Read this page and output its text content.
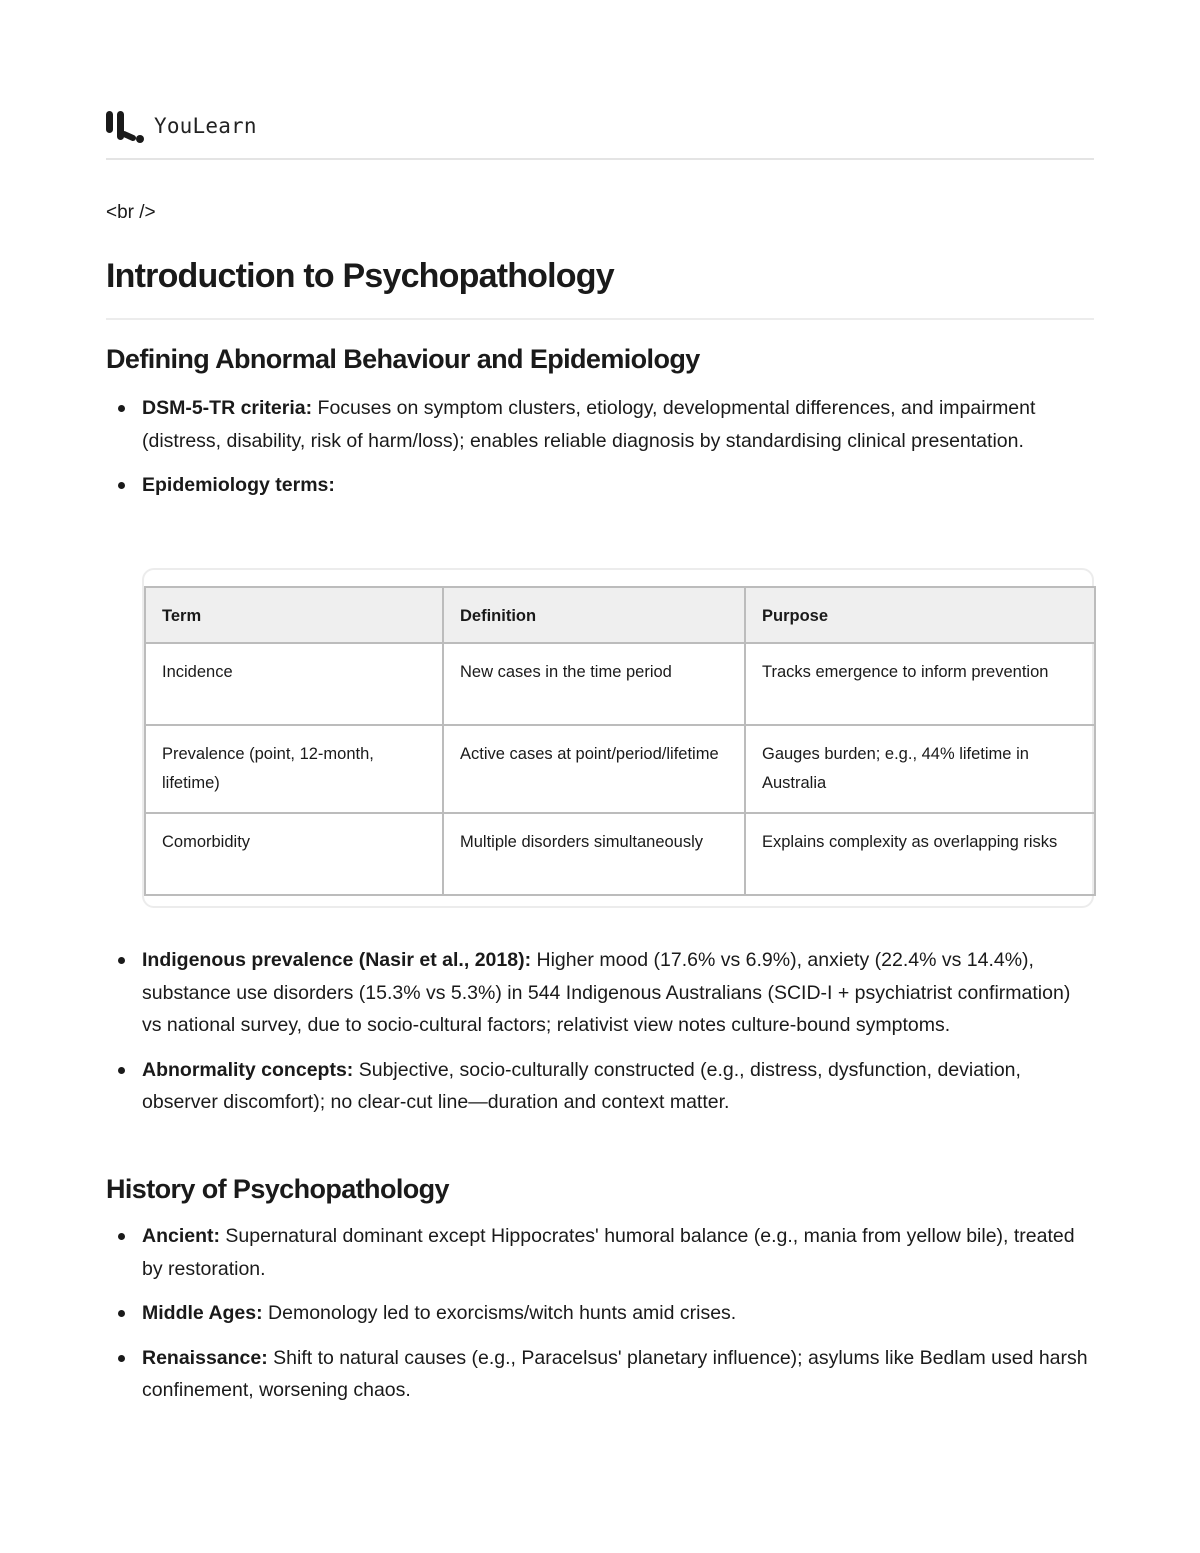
YouLearn
<br />
Introduction to Psychopathology
Defining Abnormal Behaviour and Epidemiology
DSM-5-TR criteria: Focuses on symptom clusters, etiology, developmental differences, and impairment (distress, disability, risk of harm/loss); enables reliable diagnosis by standardising clinical presentation.
Epidemiology terms:
Term	Definition	Purpose
Incidence	New cases in the time period	Tracks emergence to inform prevention
Prevalence (point, 12-month, lifetime)	Active cases at point/period/lifetime	Gauges burden; e.g., 44% lifetime in Australia
Comorbidity	Multiple disorders simultaneously	Explains complexity as overlapping risks
Indigenous prevalence (Nasir et al., 2018): Higher mood (17.6% vs 6.9%), anxiety (22.4% vs 14.4%), substance use disorders (15.3% vs 5.3%) in 544 Indigenous Australians (SCID-I + psychiatrist confirmation) vs national survey, due to socio-cultural factors; relativist view notes culture-bound symptoms.
Abnormality concepts: Subjective, socio-culturally constructed (e.g., distress, dysfunction, deviation, observer discomfort); no clear-cut line—duration and context matter.
History of Psychopathology
Ancient: Supernatural dominant except Hippocrates' humoral balance (e.g., mania from yellow bile), treated by restoration.
Middle Ages: Demonology led to exorcisms/witch hunts amid crises.
Renaissance: Shift to natural causes (e.g., Paracelsus' planetary influence); asylums like Bedlam used harsh confinement, worsening chaos.
